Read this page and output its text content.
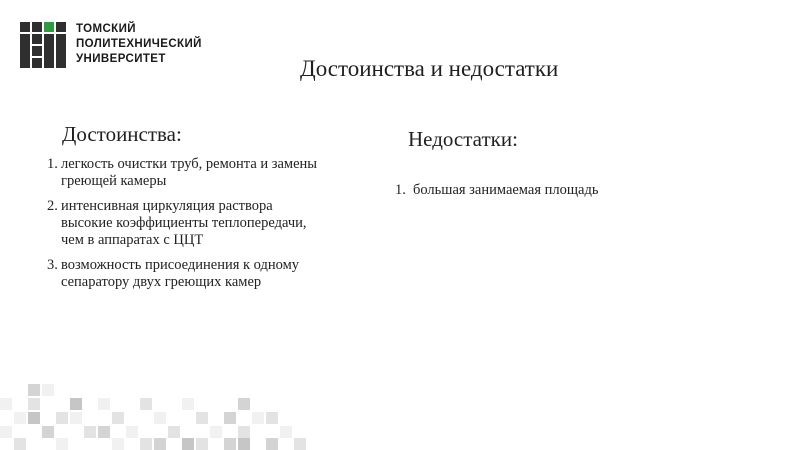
ТОМСКИЙ
ПОЛИТЕХНИЧЕСКИЙ
УНИВЕРСИТЕТ	Достоинства и недостатки
Достоинства:
1. легкость очистки труб, ремонта и замены греющей камеры
2. интенсивная циркуляция раствора высокие коэффициенты теплопередачи, чем в аппаратах с ЦЦТ
3. возможность присоединения к одному сепаратору двух греющих камер
Недостатки:
1. большая занимаемая площадь
